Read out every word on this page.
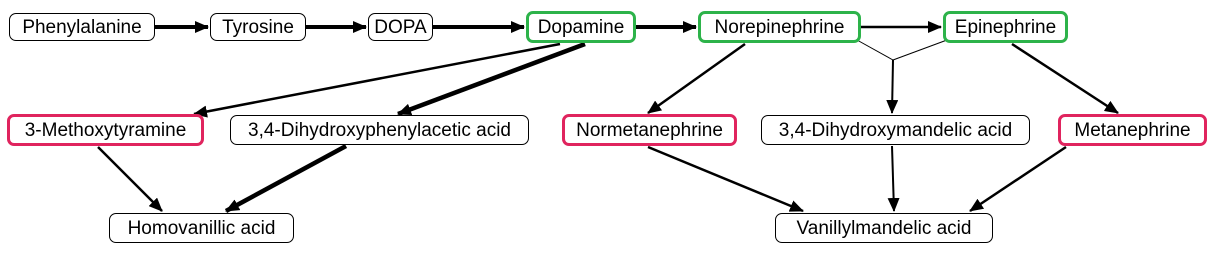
Phenylalanine	Tyrosine	DOPA	Dopamine	Norepinephrine	Epinephrine
3-Methoxytyramine	3,4-Dihydroxyphenylacetic acid	Normetanephrine	3,4-Dihydroxymandelic acid	Metanephrine
Homovanillic acid	Vanillylmandelic acid
